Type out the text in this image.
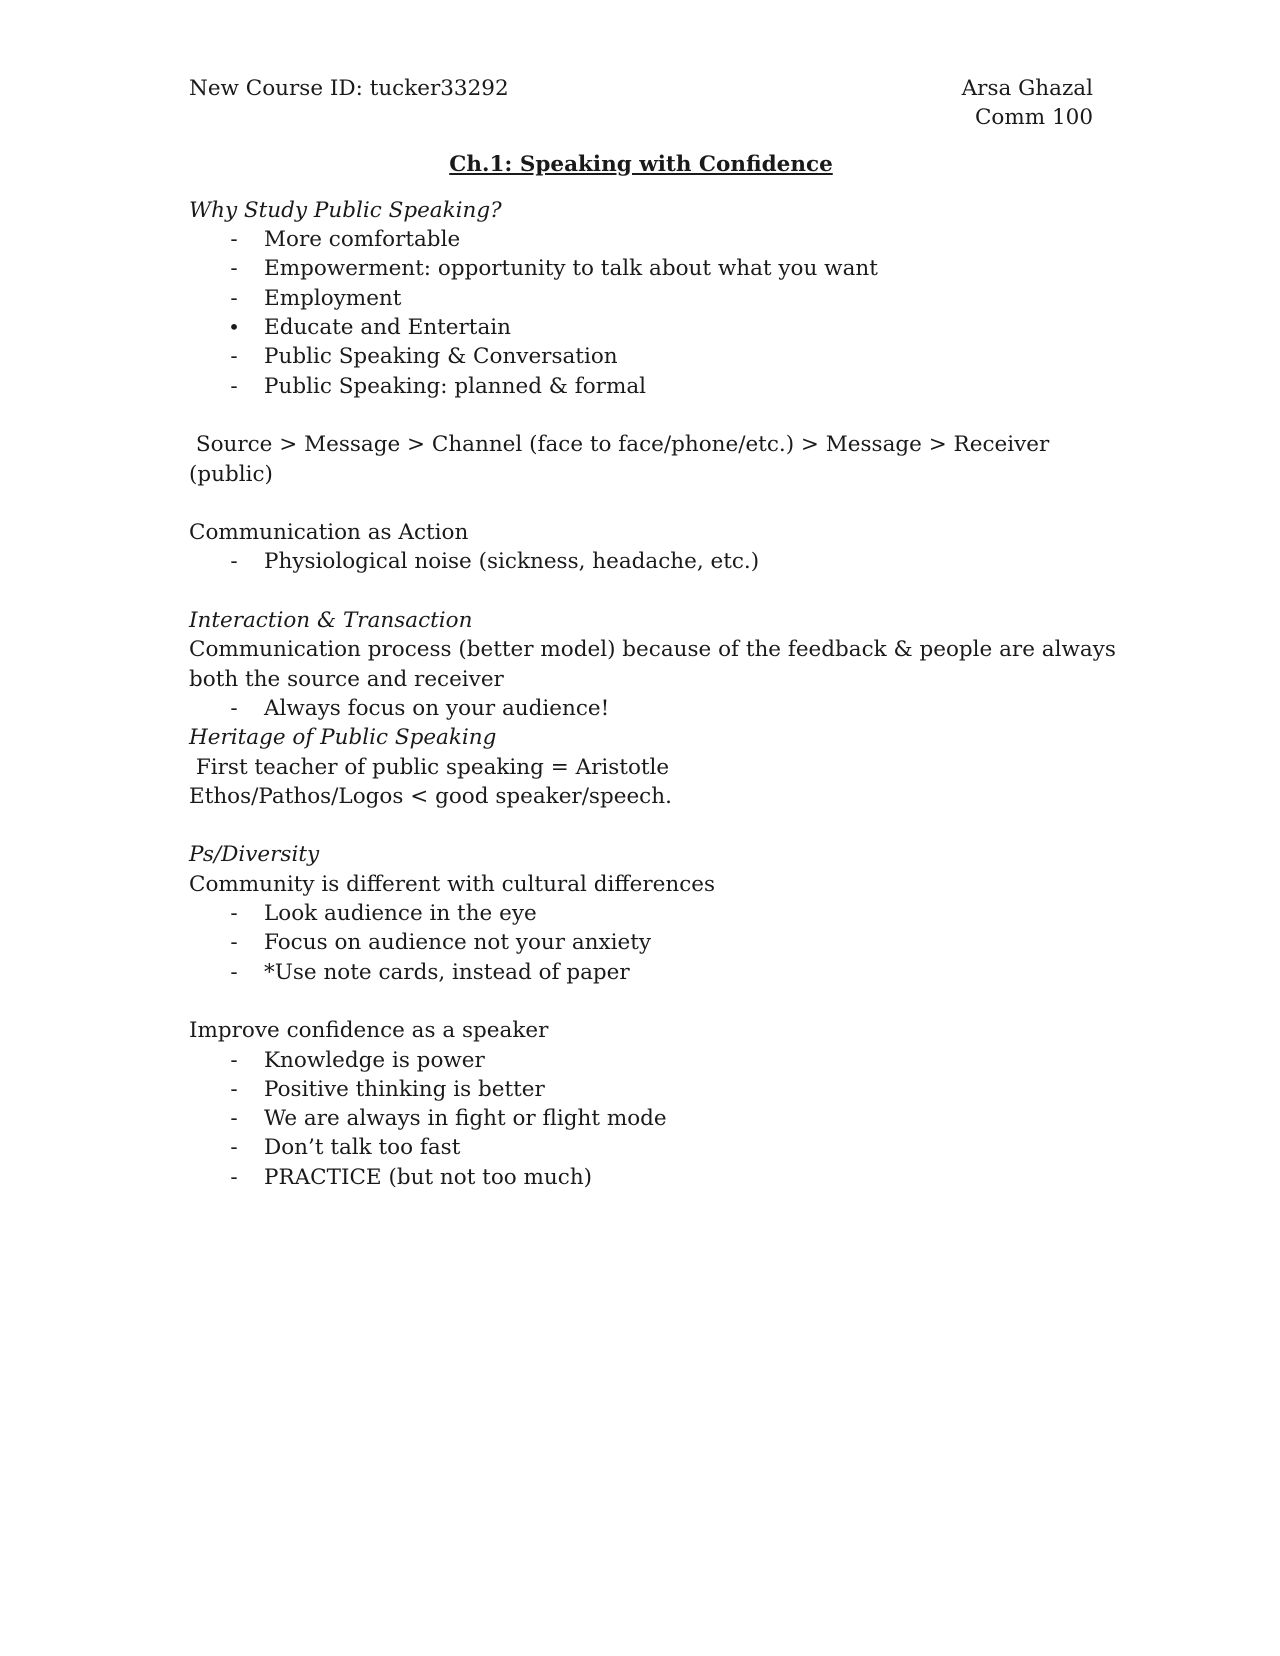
New Course ID: tucker33292	Arsa Ghazal
Comm 100
Ch.1: Speaking with Confidence
Why Study Public Speaking?
- More comfortable
- Empowerment: opportunity to talk about what you want
- Employment
• Educate and Entertain
- Public Speaking & Conversation
- Public Speaking: planned & formal
Source > Message > Channel (face to face/phone/etc.) > Message > Receiver
(public)
Communication as Action
- Physiological noise (sickness, headache, etc.)
Interaction & Transaction
Communication process (better model) because of the feedback & people are always
both the source and receiver
- Always focus on your audience!
Heritage of Public Speaking
First teacher of public speaking = Aristotle
Ethos/Pathos/Logos < good speaker/speech.
Ps/Diversity
Community is different with cultural differences
- Look audience in the eye
- Focus on audience not your anxiety
- *Use note cards, instead of paper
Improve confidence as a speaker
- Knowledge is power
- Positive thinking is better
- We are always in fight or flight mode
- Don’t talk too fast
- PRACTICE (but not too much)
